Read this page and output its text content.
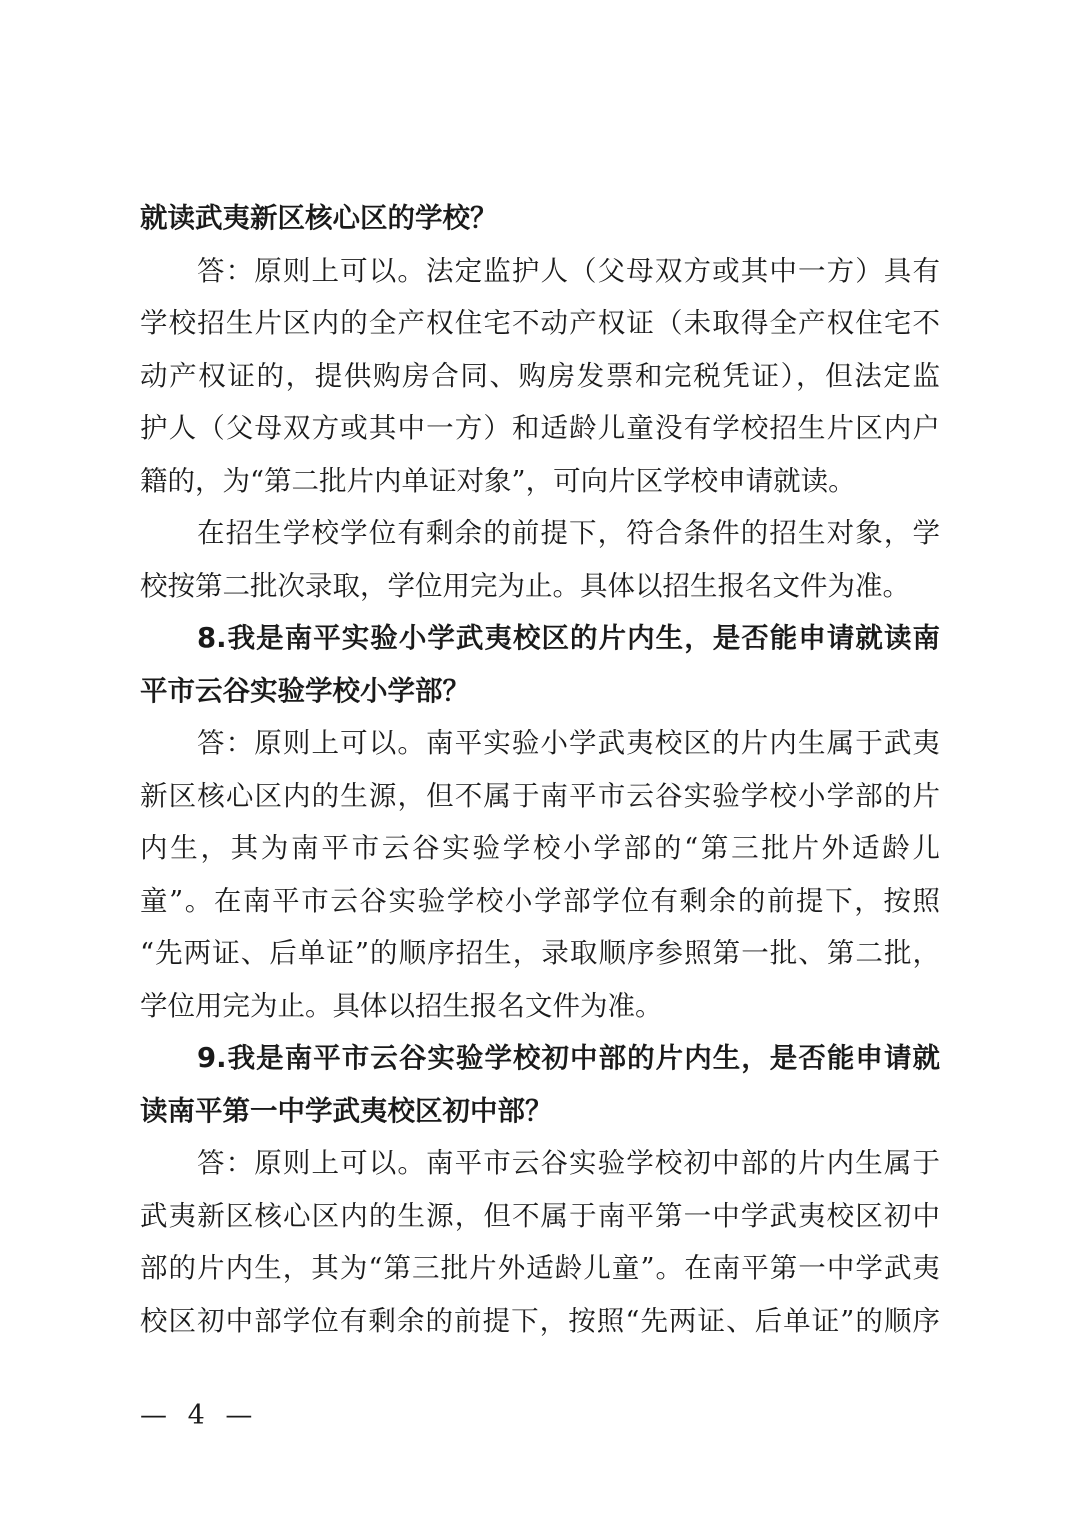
就读武夷新区核心区的学校？
答：原则上可以。法定监护人（父母双方或其中一方）具有
学校招生片区内的全产权住宅不动产权证（未取得全产权住宅不
动产权证的，提供购房合同、购房发票和完税凭证），但法定监
护人（父母双方或其中一方）和适龄儿童没有学校招生片区内户
籍的，为“第二批片内单证对象”，可向片区学校申请就读。
在招生学校学位有剩余的前提下，符合条件的招生对象，学
校按第二批次录取，学位用完为止。具体以招生报名文件为准。
8.我是南平实验小学武夷校区的片内生，是否能申请就读南
平市云谷实验学校小学部？
答：原则上可以。南平实验小学武夷校区的片内生属于武夷
新区核心区内的生源，但不属于南平市云谷实验学校小学部的片
内生，其为南平市云谷实验学校小学部的“第三批片外适龄儿
童”。在南平市云谷实验学校小学部学位有剩余的前提下，按照
“先两证、后单证”的顺序招生，录取顺序参照第一批、第二批，
学位用完为止。具体以招生报名文件为准。
9.我是南平市云谷实验学校初中部的片内生，是否能申请就
读南平第一中学武夷校区初中部？
答：原则上可以。南平市云谷实验学校初中部的片内生属于
武夷新区核心区内的生源，但不属于南平第一中学武夷校区初中
部的片内生，其为“第三批片外适龄儿童”。在南平第一中学武夷
校区初中部学位有剩余的前提下，按照“先两证、后单证”的顺序
— 4 —
